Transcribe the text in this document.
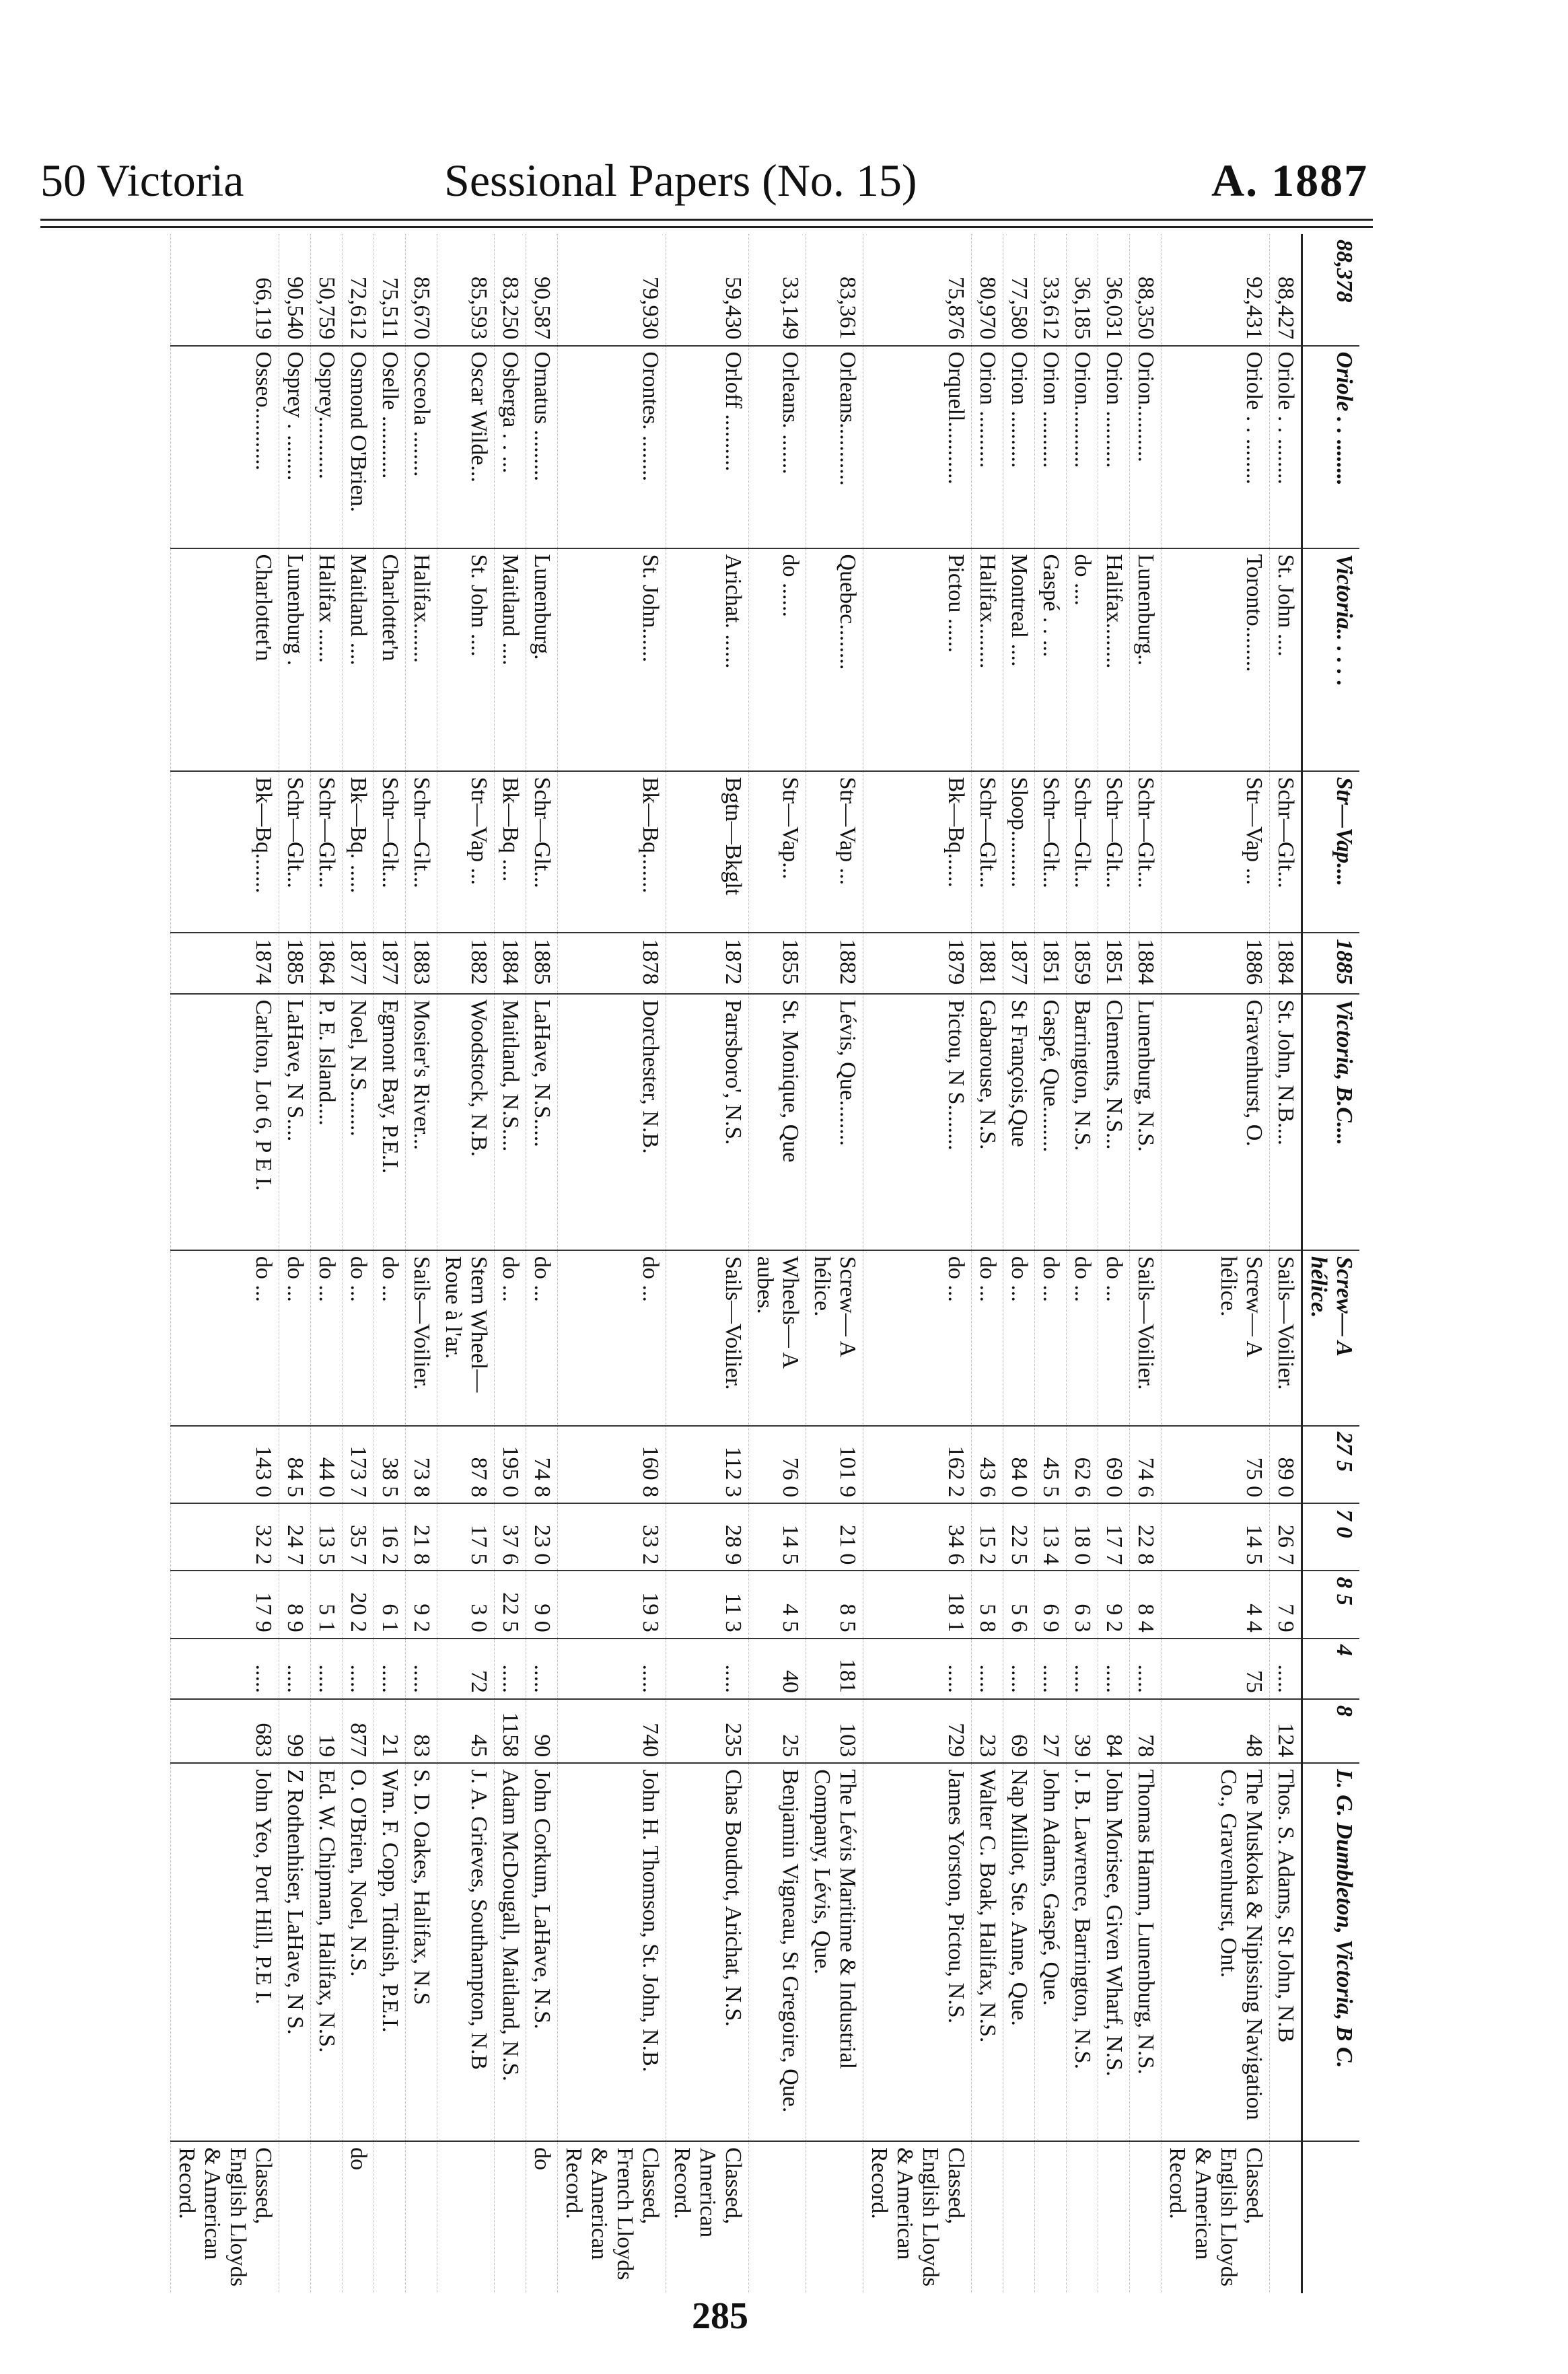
50 Victoria	Sessional Papers (No. 15)	A. 1887
88,378	Oriole . . ........	Victoria.. . . . .	Str—Vap....	1885	Victoria, B.C....	Screw— A hélice.	27 5	7 0	8 5	4	8	L. G. Dumbleton, Victoria, B C.	
88,427	Oriole . . ........	St. John ....	Schr—Glt...	1884	St. John, N.B....	Sails—Voilier.	89 0	26 7	7 9	.....	124	Thos. S. Adams, St John, N.B	
92,431	Oriole . . ........	Toronto........	Str—Vap ...	1886	Gravenhurst, O.	Screw— A hélice.	75 0	14 5	4 4	75	48	The Muskoka & Nipissing Navigation Co., Gravenhurst, Ont.	Classed, English Lloyds & American Record.
88,350	Orion..........	Lunenburg..	Schr—Glt...	1884	Lunenburg, N.S.	Sails—Voilier.	74 6	22 8	8 4	.....	78	Thomas Hamm, Lunenburg, N.S.	
36,031	Orion ..........	Halifax........	Schr—Glt...	1851	Clements, N.S...	do ...	69 0	17 7	9 2	.....	84	John Morisee, Given Wharf, N.S.	
36,185	Orion...........	do ....	Schr—Glt...	1859	Barrington, N.S.	do ...	62 6	18 0	6 3	.....	39	J. B. Lawrence, Barrington, N.S.	
33,612	Orion ..........	Gaspé . . ...	Schr—Glt...	1851	Gaspé, Que........	do ...	45 5	13 4	6 9	.....	27	John Adams, Gaspé, Que.	
77,580	Orion ..........	Montreal ....	Sloop..........	1877	St François,Que	do ...	84 0	22 5	5 6	.....	69	Nap Millot, Ste. Anne, Que.	
80,970	Orion ..........	Halifax........	Schr—Glt...	1881	Gabarouse, N.S.	do ...	43 6	15 2	5 8	.....	23	Walter C. Boak, Halifax, N.S.	
75,876	Orquell...........	Pictou ......	Bk—Bq......	1879	Pictou, N S........	do ...	162 2	34 6	18 1	.....	729	James Yorston, Pictou, N.S.	Classed, English Lloyds & American Record.
83,361	Orleans...........	Quebec........	Str—Vap ...	1882	Lévis, Que........	Screw— A hélice.	101 9	21 0	8 5	181	103	The Lévis Maritime & Industrial Company, Lévis, Que.	
33,149	Orleans. .......	do ......	Str—Vap...	1855	St. Monique, Que	Wheels— A aubes.	76 0	14 5	4 5	40	25	Benjamin Vigneau, St Gregoire, Que.	
59,430	Orloff ..........	Arichat. ......	Bgtn—Bkglt	1872	Parrsboro', N.S.	Sails—Voilier.	112 3	28 9	11 3	.....	235	Chas Boudrot, Arichat, N.S.	Classed, American Record.
79,930	Orontes. ........	St. John......	Bk—Bq.......	1878	Dorchester, N.B.	do ...	160 8	33 2	19 3	.....	740	John H. Thomson, St. John, N.B.	Classed, French Lloyds & American Record.
90,587	Ornatus .........	Lunenburg.	Schr—Glt...	1885	LaHave, N.S.....	do ...	74 8	23 0	9 0	.....	90	John Corkum, LaHave, N.S.	do
83,250	Osberga . . ...	Maitland ....	Bk—Bq ....	1884	Maitland, N.S....	do ...	195 0	37 6	22 5	.....	1158	Adam McDougall, Maitland, N.S.	
85,593	Oscar Wilde...	St. John ....	Str—Vap ...	1882	Woodstock, N.B.	Stern Wheel— Roue à l'ar.	87 8	17 5	3 0	72	45	J. A. Grieves, Southampton, N.B	
85,670	Osceola ........	Halifax.......	Schr—Glt...	1883	Mosier's River...	Sails—Voilier.	73 8	21 8	9 2	.....	83	S. D. Oakes, Halifax, N.S	
75,511	Oselle ...........	Charlottet'n	Schr—Glt...	1877	Egmont Bay, P.E.I.	do ...	38 5	16 2	6 1	.....	21	Wm. F. Copp, Tidnish, P.E.I.	
72,612	Osmond O'Brien.	Maitland ....	Bk—Bq. .....	1877	Noel, N.S........	do ...	173 7	35 7	20 2	.....	877	O. O'Brien, Noel, N.S.	do
50,759	Osprey...........	Halifax ......	Schr—Glt...	1864	P. E. Island....	do ...	44 0	13 5	5 1	.....	19	Ed. W. Chipman, Halifax, N.S.	
90,540	Osprey . ........	Lunenburg .	Schr—Glt...	1885	LaHave, N S....	do ...	84 5	24 7	8 9	.....	99	Z Rothenhiser, LaHave, N S.	
66,119	Osseo...........	Charlottet'n	Bk—Bq.......	1874	Carlton, Lot 6, P E I.	do ...	143 0	32 2	17 9	.....	683	John Yeo, Port Hill, P.E I.	Classed, English Lloyds & American Record.
285
